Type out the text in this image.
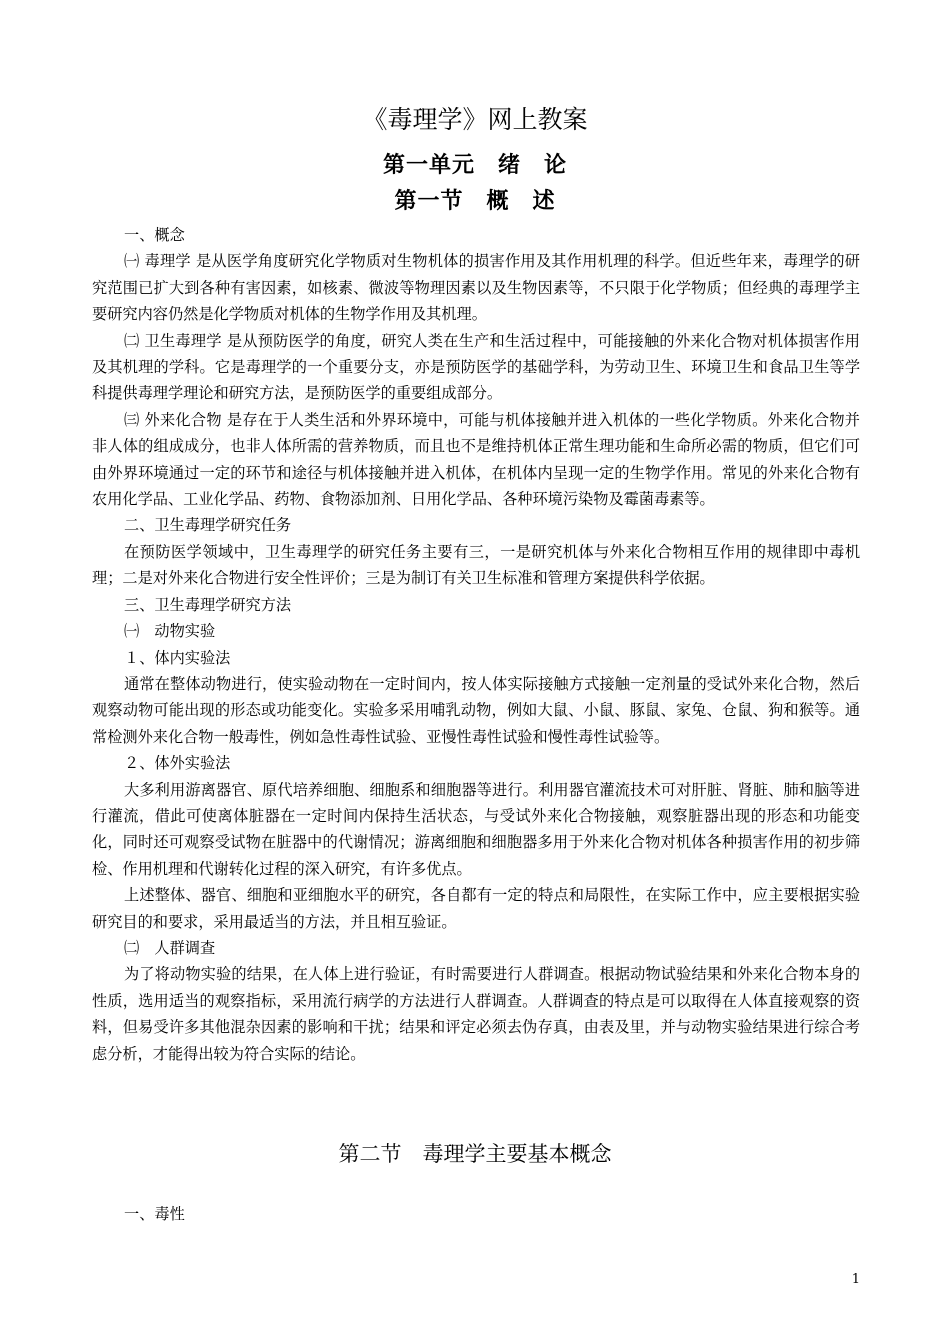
《毒理学》网上教案
第一单元　绪　论
第一节　概　述

一、概念

㈠ 毒理学 是从医学角度研究化学物质对生物机体的损害作用及其作用机理的科学。但近些年来，毒理学的研究范围已扩大到各种有害因素，如核素、微波等物理因素以及生物因素等，不只限于化学物质；但经典的毒理学主要研究内容仍然是化学物质对机体的生物学作用及其机理。

㈡ 卫生毒理学 是从预防医学的角度，研究人类在生产和生活过程中，可能接触的外来化合物对机体损害作用及其机理的学科。它是毒理学的一个重要分支，亦是预防医学的基础学科，为劳动卫生、环境卫生和食品卫生等学科提供毒理学理论和研究方法，是预防医学的重要组成部分。

㈢ 外来化合物 是存在于人类生活和外界环境中，可能与机体接触并进入机体的一些化学物质。外来化合物并非人体的组成成分，也非人体所需的营养物质，而且也不是维持机体正常生理功能和生命所必需的物质，但它们可由外界环境通过一定的环节和途径与机体接触并进入机体，在机体内呈现一定的生物学作用。常见的外来化合物有农用化学品、工业化学品、药物、食物添加剂、日用化学品、各种环境污染物及霉菌毒素等。

二、卫生毒理学研究任务

在预防医学领域中，卫生毒理学的研究任务主要有三，一是研究机体与外来化合物相互作用的规律即中毒机理；二是对外来化合物进行安全性评价；三是为制订有关卫生标准和管理方案提供科学依据。

三、卫生毒理学研究方法

㈠　动物实验

１、体内实验法

通常在整体动物进行，使实验动物在一定时间内，按人体实际接触方式接触一定剂量的受试外来化合物，然后观察动物可能出现的形态或功能变化。实验多采用哺乳动物，例如大鼠、小鼠、豚鼠、家兔、仓鼠、狗和猴等。通常检测外来化合物一般毒性，例如急性毒性试验、亚慢性毒性试验和慢性毒性试验等。

２、体外实验法

大多利用游离器官、原代培养细胞、细胞系和细胞器等进行。利用器官灌流技术可对肝脏、肾脏、肺和脑等进行灌流，借此可使离体脏器在一定时间内保持生活状态，与受试外来化合物接触，观察脏器出现的形态和功能变化，同时还可观察受试物在脏器中的代谢情况；游离细胞和细胞器多用于外来化合物对机体各种损害作用的初步筛检、作用机理和代谢转化过程的深入研究，有许多优点。

上述整体、器官、细胞和亚细胞水平的研究，各自都有一定的特点和局限性，在实际工作中，应主要根据实验研究目的和要求，采用最适当的方法，并且相互验证。

㈡　人群调查

为了将动物实验的结果，在人体上进行验证，有时需要进行人群调查。根据动物试验结果和外来化合物本身的性质，选用适当的观察指标，采用流行病学的方法进行人群调查。人群调查的特点是可以取得在人体直接观察的资料，但易受许多其他混杂因素的影响和干扰；结果和评定必须去伪存真，由表及里，并与动物实验结果进行综合考虑分析，才能得出较为符合实际的结论。

第二节　毒理学主要基本概念
一、毒性
1
